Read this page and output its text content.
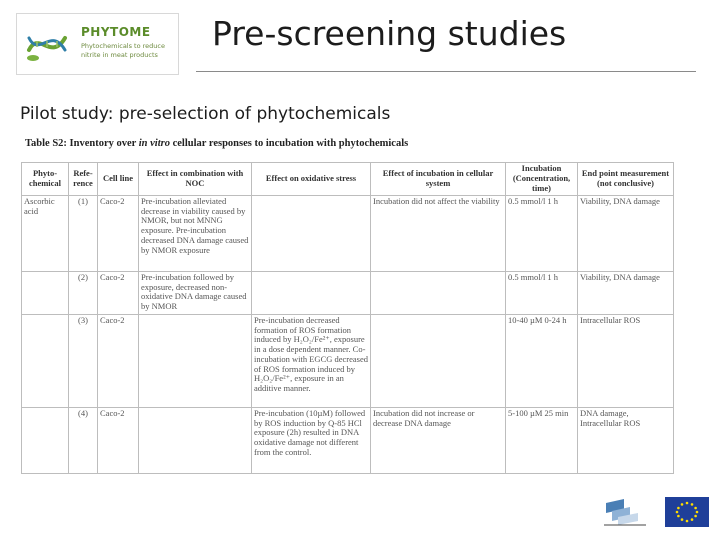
PHYTOME
Phytochemicals to reduce nitrite in meat products
Pre-screening studies
Pilot study: pre-selection of phytochemicals
Table S2: Inventory over in vitro cellular responses to incubation with phytochemicals
Phyto-chemical	Refe-rence	Cell line	Effect in combination with NOC	Effect on oxidative stress	Effect of incubation in cellular system	Incubation (Concentration, time)	End point measurement (not conclusive)
Ascorbic acid	(1)	Caco-2	Pre-incubation alleviated decrease in viability caused by NMOR, but not MNNG exposure. Pre-incubation decreased DNA damage caused by NMOR exposure		Incubation did not affect the viability	0.5 mmol/l 1 h	Viability, DNA damage
	(2)	Caco-2	Pre-incubation followed by exposure, decreased non-oxidative DNA damage caused by NMOR			0.5 mmol/l 1 h	Viability, DNA damage
	(3)	Caco-2		Pre-incubation decreased formation of ROS formation induced by H₂O₂/Fe²⁺, exposure in a dose dependent manner. Co-incubation with EGCG decreased of ROS formation induced by H₂O₂/Fe²⁺, exposure in an additive manner.		10-40 µM 0-24 h	Intracellular ROS
	(4)	Caco-2		Pre-incubation (10µM) followed by ROS induction by Q-85 HCl exposure (2h) resulted in DNA oxidative damage not different from the control.	Incubation did not increase or decrease DNA damage	5-100 µM 25 min	DNA damage, Intracellular ROS
